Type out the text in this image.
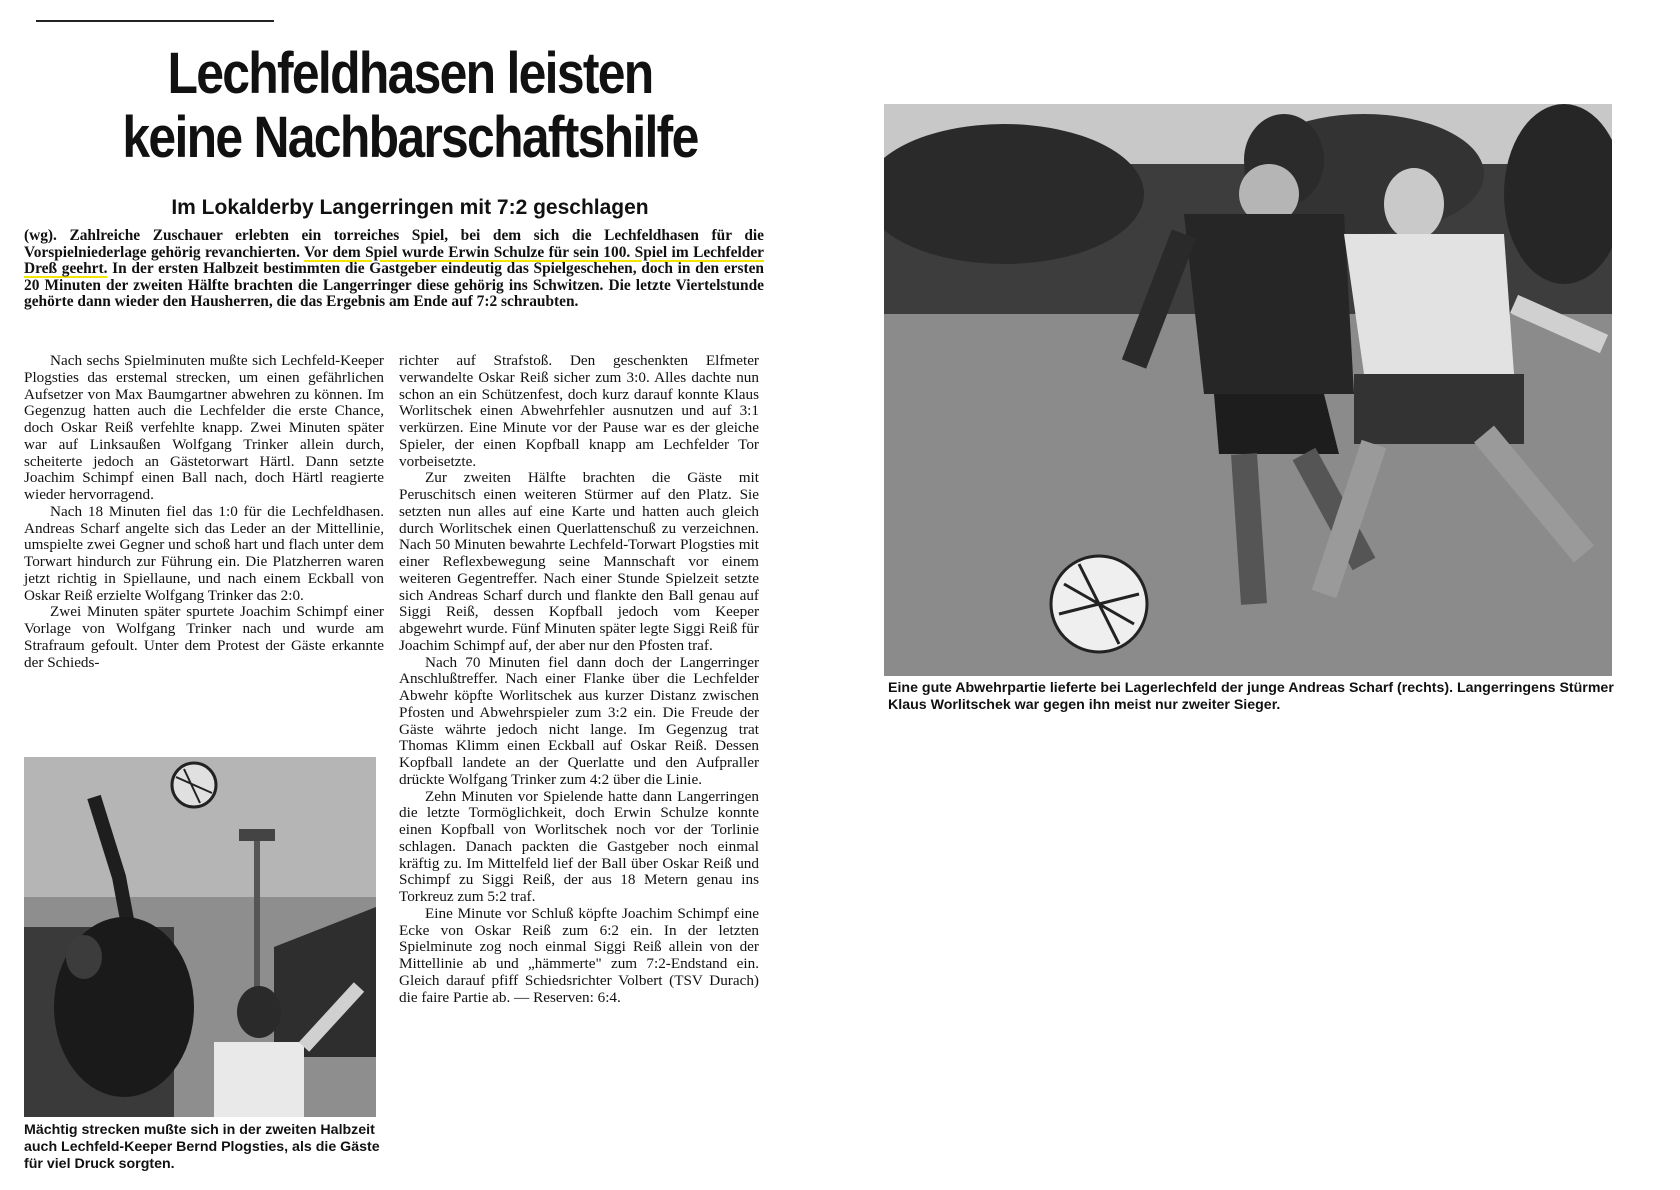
Lechfeldhasen leisten
keine Nachbarschaftshilfe
Im Lokalderby Langerringen mit 7:2 geschlagen
(wg). Zahlreiche Zuschauer erlebten ein torreiches Spiel, bei dem sich die Lechfeldhasen für die Vorspielniederlage gehörig revanchierten. Vor dem Spiel wurde Erwin Schulze für sein 100. Spiel im Lechfelder Dreß geehrt. In der ersten Halbzeit bestimmten die Gastgeber eindeutig das Spielgeschehen, doch in den ersten 20 Minuten der zweiten Hälfte brachten die Langerringer diese gehörig ins Schwitzen. Die letzte Viertelstunde gehörte dann wieder den Hausherren, die das Ergebnis am Ende auf 7:2 schraubten.

Nach sechs Spielminuten mußte sich Lechfeld-Keeper Plogsties das erstemal strecken, um einen gefährlichen Aufsetzer von Max Baumgartner abwehren zu können. Im Gegenzug hatten auch die Lechfelder die erste Chance, doch Oskar Reiß verfehlte knapp. Zwei Minuten später war auf Linksaußen Wolfgang Trinker allein durch, scheiterte jedoch an Gästetorwart Härtl. Dann setzte Joachim Schimpf einen Ball nach, doch Härtl reagierte wieder hervorragend.

Nach 18 Minuten fiel das 1:0 für die Lechfeldhasen. Andreas Scharf angelte sich das Leder an der Mittellinie, umspielte zwei Gegner und schoß hart und flach unter dem Torwart hindurch zur Führung ein. Die Platzherren waren jetzt richtig in Spiellaune, und nach einem Eckball von Oskar Reiß erzielte Wolfgang Trinker das 2:0.

Zwei Minuten später spurtete Joachim Schimpf einer Vorlage von Wolfgang Trinker nach und wurde am Strafraum gefoult. Unter dem Protest der Gäste erkannte der Schieds-

richter auf Strafstoß. Den geschenkten Elfmeter verwandelte Oskar Reiß sicher zum 3:0. Alles dachte nun schon an ein Schützenfest, doch kurz darauf konnte Klaus Worlitschek einen Abwehrfehler ausnutzen und auf 3:1 verkürzen. Eine Minute vor der Pause war es der gleiche Spieler, der einen Kopfball knapp am Lechfelder Tor vorbeisetzte.

Zur zweiten Hälfte brachten die Gäste mit Peruschitsch einen weiteren Stürmer auf den Platz. Sie setzten nun alles auf eine Karte und hatten auch gleich durch Worlitschek einen Querlattenschuß zu verzeichnen. Nach 50 Minuten bewahrte Lechfeld-Torwart Plogsties mit einer Reflexbewegung seine Mannschaft vor einem weiteren Gegentreffer. Nach einer Stunde Spielzeit setzte sich Andreas Scharf durch und flankte den Ball genau auf Siggi Reiß, dessen Kopfball jedoch vom Keeper abgewehrt wurde. Fünf Minuten später legte Siggi Reiß für Joachim Schimpf auf, der aber nur den Pfosten traf.

Nach 70 Minuten fiel dann doch der Langerringer Anschlußtreffer. Nach einer Flanke über die Lechfelder Abwehr köpfte Worlitschek aus kurzer Distanz zwischen Pfosten und Abwehrspieler zum 3:2 ein. Die Freude der Gäste währte jedoch nicht lange. Im Gegenzug trat Thomas Klimm einen Eckball auf Oskar Reiß. Dessen Kopfball landete an der Querlatte und den Aufpraller drückte Wolfgang Trinker zum 4:2 über die Linie.

Zehn Minuten vor Spielende hatte dann Langerringen die letzte Tormöglichkeit, doch Erwin Schulze konnte einen Kopfball von Worlitschek noch vor der Torlinie schlagen. Danach packten die Gastgeber noch einmal kräftig zu. Im Mittelfeld lief der Ball über Oskar Reiß und Schimpf zu Siggi Reiß, der aus 18 Metern genau ins Torkreuz zum 5:2 traf.

Eine Minute vor Schluß köpfte Joachim Schimpf eine Ecke von Oskar Reiß zum 6:2 ein. In der letzten Spielminute zog noch einmal Siggi Reiß allein von der Mittellinie ab und „hämmerte" zum 7:2-Endstand ein. Gleich darauf pfiff Schiedsrichter Volbert (TSV Durach) die faire Partie ab. — Reserven: 6:4.

Mächtig strecken mußte sich in der zweiten Halbzeit auch Lechfeld-Keeper Bernd Plogsties, als die Gäste für viel Druck sorgten.
Eine gute Abwehrpartie lieferte bei Lagerlechfeld der junge Andreas Scharf (rechts). Langerringens Stürmer Klaus Worlitschek war gegen ihn meist nur zweiter Sieger.
